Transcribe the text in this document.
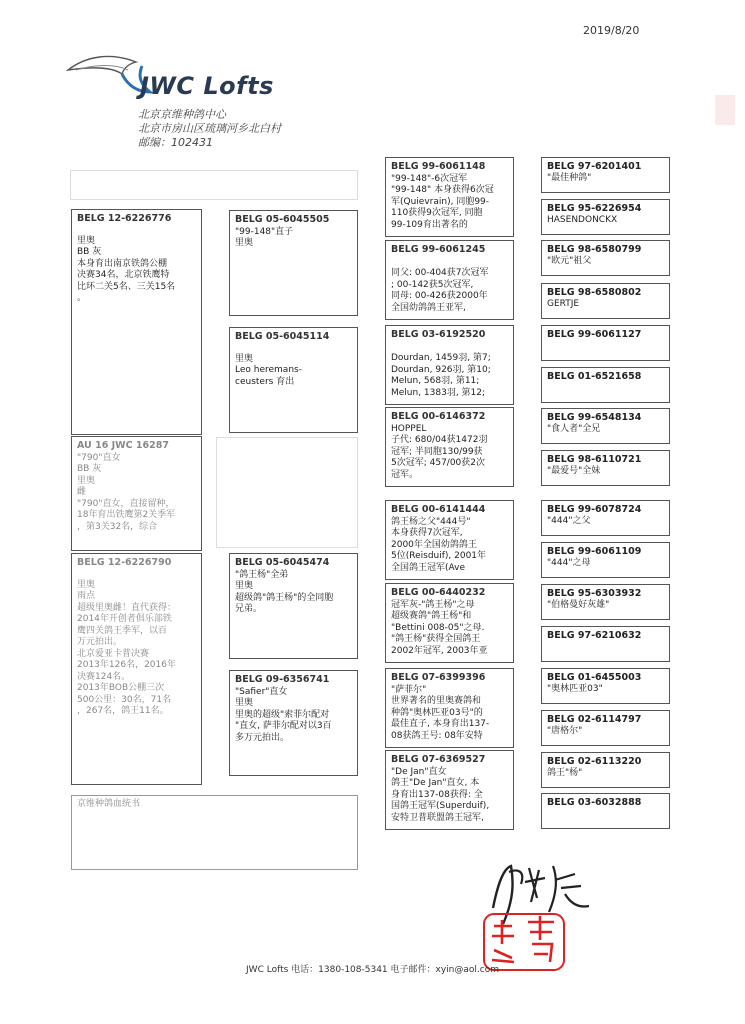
2019/8/20
JWC Lofts
北京京维种鸽中心
北京市房山区琉璃河乡北白村
邮编：102431
BELG 12-6226776
里奥
BB 灰
本身育出南京铁鸽公棚
决赛34名，北京铁鹰特
比环二关5名、三关15名
。
AU 16 JWC 16287
"790"直女
BB 灰
里奥
雌
"790"直女，直接留种，
18年育出铁鹰第2关季军
，第3关32名，综合
BELG 12-6226790
里奥
雨点
超级里奥雌！直代获得：
2014年开创者俱乐部铁
鹰四关鸽王季军，以百
万元拍出。
北京爱亚卡普决赛
2013年126名，2016年
决赛124名。
2013年BOB公棚三次
500公里：30名，71名
，267名，鸽王11名。
BELG 05-6045505
"99-148"直子
里奥
BELG 05-6045114
里奥
Leo heremans-
ceusters 育出
BELG 05-6045474
"鸽王杨"全弟
里奥
超级鸽"鸽王杨"的全同胞
兄弟。
BELG 09-6356741
"Safier"直女
里奥
里奥的超级"索菲尔配对
"直女, 萨菲尔配对以3百
多万元拍出。
BELG 99-6061148
"99-148"-6次冠军
"99-148" 本身获得6次冠
军(Quievrain), 同胞99-
110获得9次冠军, 同胞
99-109育出著名的
BELG 99-6061245

同父: 00-404获7次冠军
; 00-142获5次冠军,
同母: 00-426获2000年
全国幼鸽鸽王亚军,
BELG 03-6192520

Dourdan, 1459羽, 第7;
Dourdan, 926羽, 第10;
Melun, 568羽, 第11;
Melun, 1383羽, 第12;
BELG 00-6146372
HOPPEL
子代: 680/04获1472羽
冠军; 半同胞130/99获
5次冠军; 457/00获2次
冠军。
BELG 00-6141444
鸽王杨之父"444号"
本身获得7次冠军,
2000年全国幼鸽鸽王
5位(Reisduif), 2001年
全国鸽王冠军(Ave
BELG 00-6440232
冠军灰-"鸽王杨"之母
超级赛鸽"鸽王杨"和
"Bettini 008-05"之母.
"鸽王杨"获得全国鸽王
2002年冠军, 2003年亚
BELG 07-6399396
"萨菲尔"
世界著名的里奥赛鸽和
种鸽"奥林匹亚03号"的
最佳直子, 本身育出137-
08获鸽王号: 08年安特
BELG 07-6369527
"De Jan"直女
鸽王"De Jan"直女, 本
身育出137-08获得: 全
国鸽王冠军(Superduif),
安特卫普联盟鸽王冠军,
BELG 97-6201401
"最佳种鸽"
BELG 95-6226954
HASENDONCKX
BELG 98-6580799
"欧元"祖父
BELG 98-6580802
GERTJE
BELG 99-6061127

BELG 01-6521658

BELG 99-6548134
"食人者"全兄
BELG 98-6110721
"最爱号"全妹
BELG 99-6078724
"444"之父
BELG 99-6061109
"444"之母
BELG 95-6303932
"伯格曼好灰雄"
BELG 97-6210632

BELG 01-6455003
"奥林匹亚03"
BELG 02-6114797
"唐格尔"
BELG 02-6113220
鸽王"杨"
BELG 03-6032888

京维种鸽血统书
JWC Lofts 电话：1380-108-5341 电子邮件：xyin@aol.com
